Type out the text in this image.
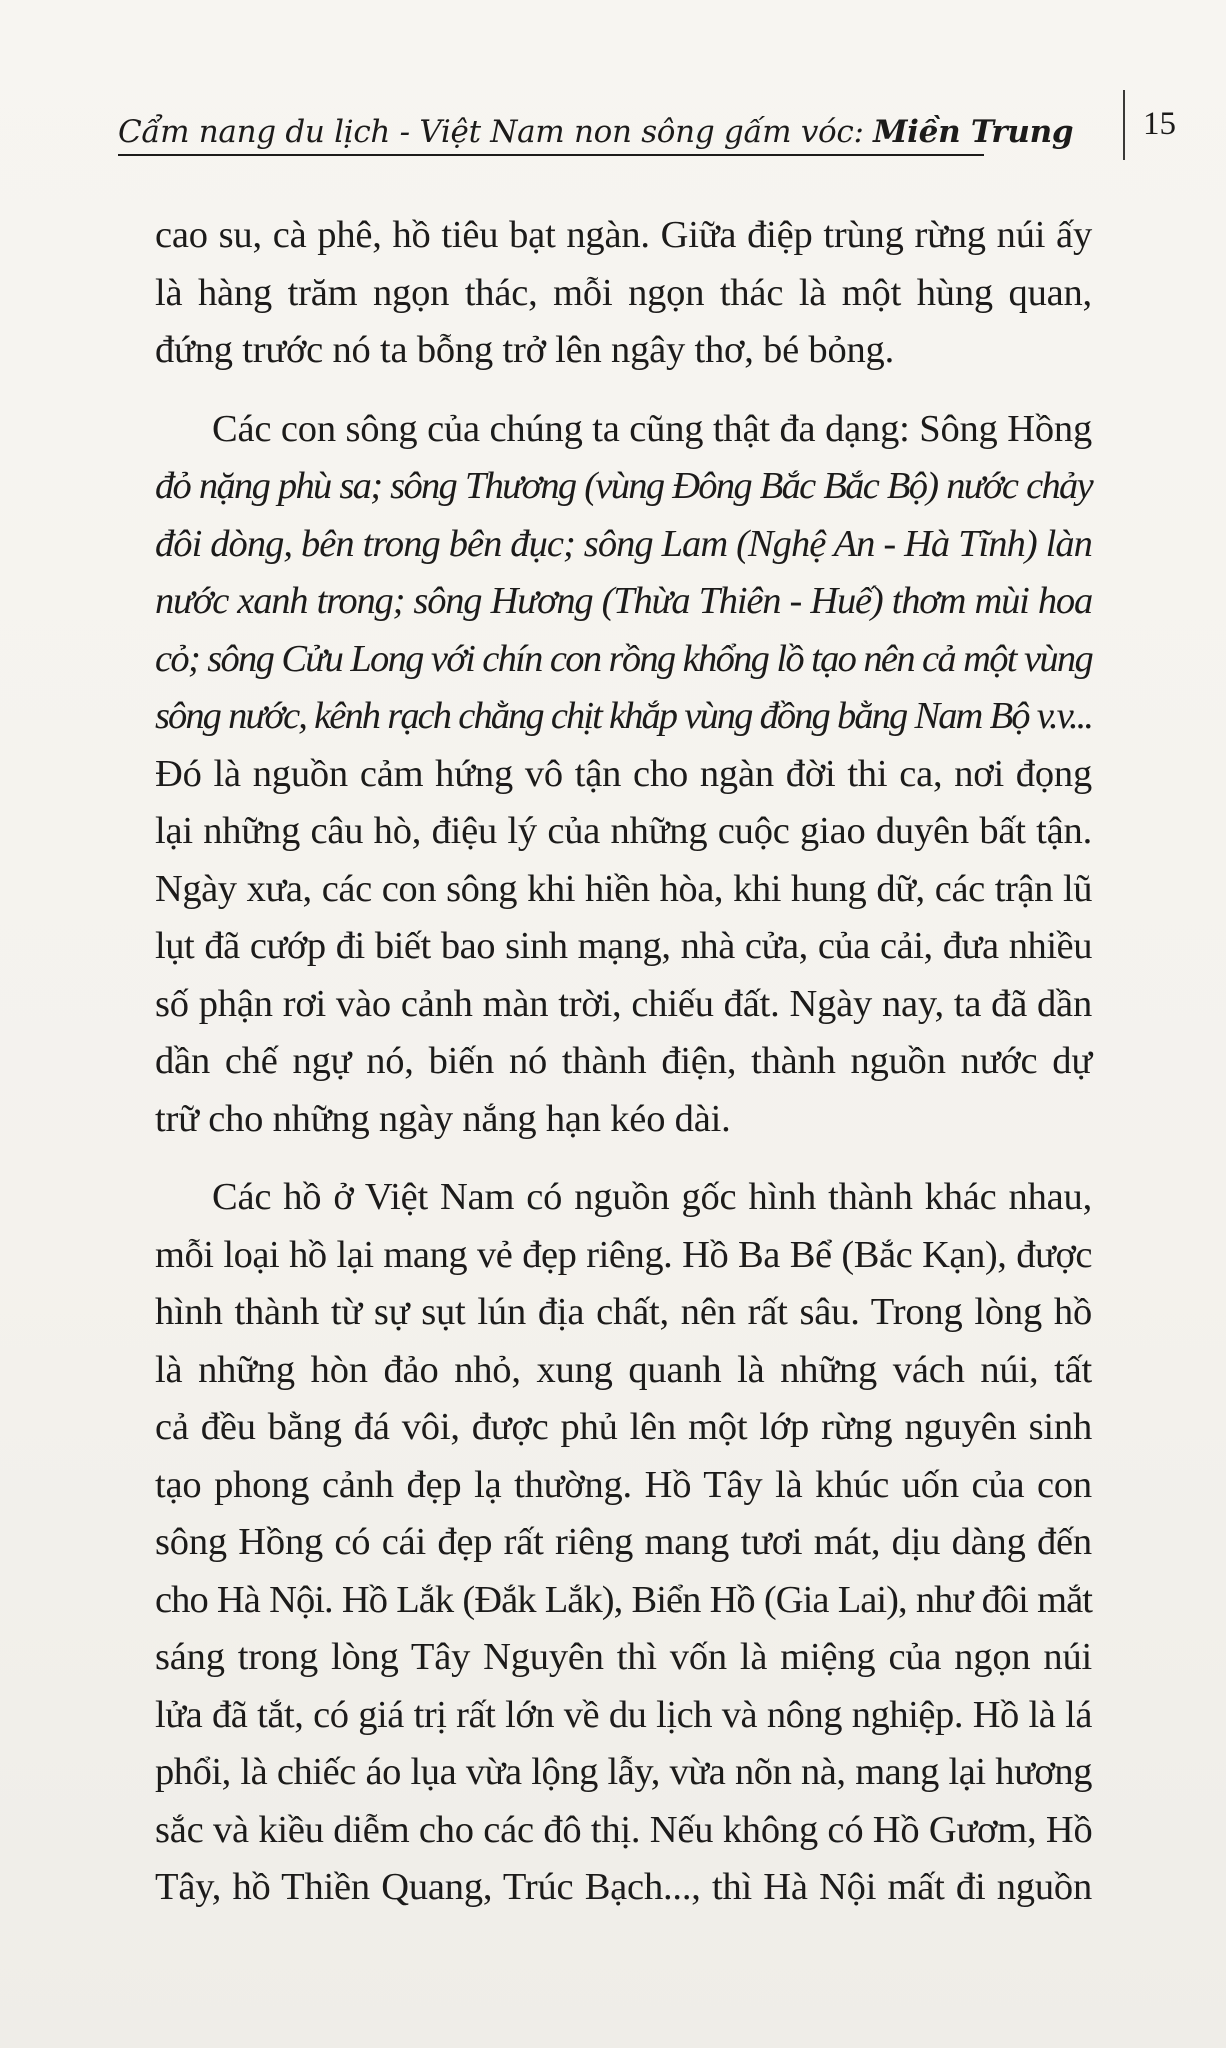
Cẩm nang du lịch - Việt Nam non sông gấm vóc: Miền Trung 15

cao su, cà phê, hồ tiêu bạt ngàn. Giữa điệp trùng rừng núi ấy
là hàng trăm ngọn thác, mỗi ngọn thác là một hùng quan,
đứng trước nó ta bỗng trở lên ngây thơ, bé bỏng.

Các con sông của chúng ta cũng thật đa dạng: Sông Hồng
đỏ nặng phù sa; sông Thương (vùng Đông Bắc Bắc Bộ) nước chảy
đôi dòng, bên trong bên đục; sông Lam (Nghệ An - Hà Tĩnh) làn
nước xanh trong; sông Hương (Thừa Thiên - Huế) thơm mùi hoa
cỏ; sông Cửu Long với chín con rồng khổng lồ tạo nên cả một vùng
sông nước, kênh rạch chằng chịt khắp vùng đồng bằng Nam Bộ v.v...
Đó là nguồn cảm hứng vô tận cho ngàn đời thi ca, nơi đọng
lại những câu hò, điệu lý của những cuộc giao duyên bất tận.
Ngày xưa, các con sông khi hiền hòa, khi hung dữ, các trận lũ
lụt đã cướp đi biết bao sinh mạng, nhà cửa, của cải, đưa nhiều
số phận rơi vào cảnh màn trời, chiếu đất. Ngày nay, ta đã dần
dần chế ngự nó, biến nó thành điện, thành nguồn nước dự
trữ cho những ngày nắng hạn kéo dài.

Các hồ ở Việt Nam có nguồn gốc hình thành khác nhau,
mỗi loại hồ lại mang vẻ đẹp riêng. Hồ Ba Bể (Bắc Kạn), được
hình thành từ sự sụt lún địa chất, nên rất sâu. Trong lòng hồ
là những hòn đảo nhỏ, xung quanh là những vách núi, tất
cả đều bằng đá vôi, được phủ lên một lớp rừng nguyên sinh
tạo phong cảnh đẹp lạ thường. Hồ Tây là khúc uốn của con
sông Hồng có cái đẹp rất riêng mang tươi mát, dịu dàng đến
cho Hà Nội. Hồ Lắk (Đắk Lắk), Biển Hồ (Gia Lai), như đôi mắt
sáng trong lòng Tây Nguyên thì vốn là miệng của ngọn núi
lửa đã tắt, có giá trị rất lớn về du lịch và nông nghiệp. Hồ là lá
phổi, là chiếc áo lụa vừa lộng lẫy, vừa nõn nà, mang lại hương
sắc và kiều diễm cho các đô thị. Nếu không có Hồ Gươm, Hồ
Tây, hồ Thiền Quang, Trúc Bạch..., thì Hà Nội mất đi nguồn
